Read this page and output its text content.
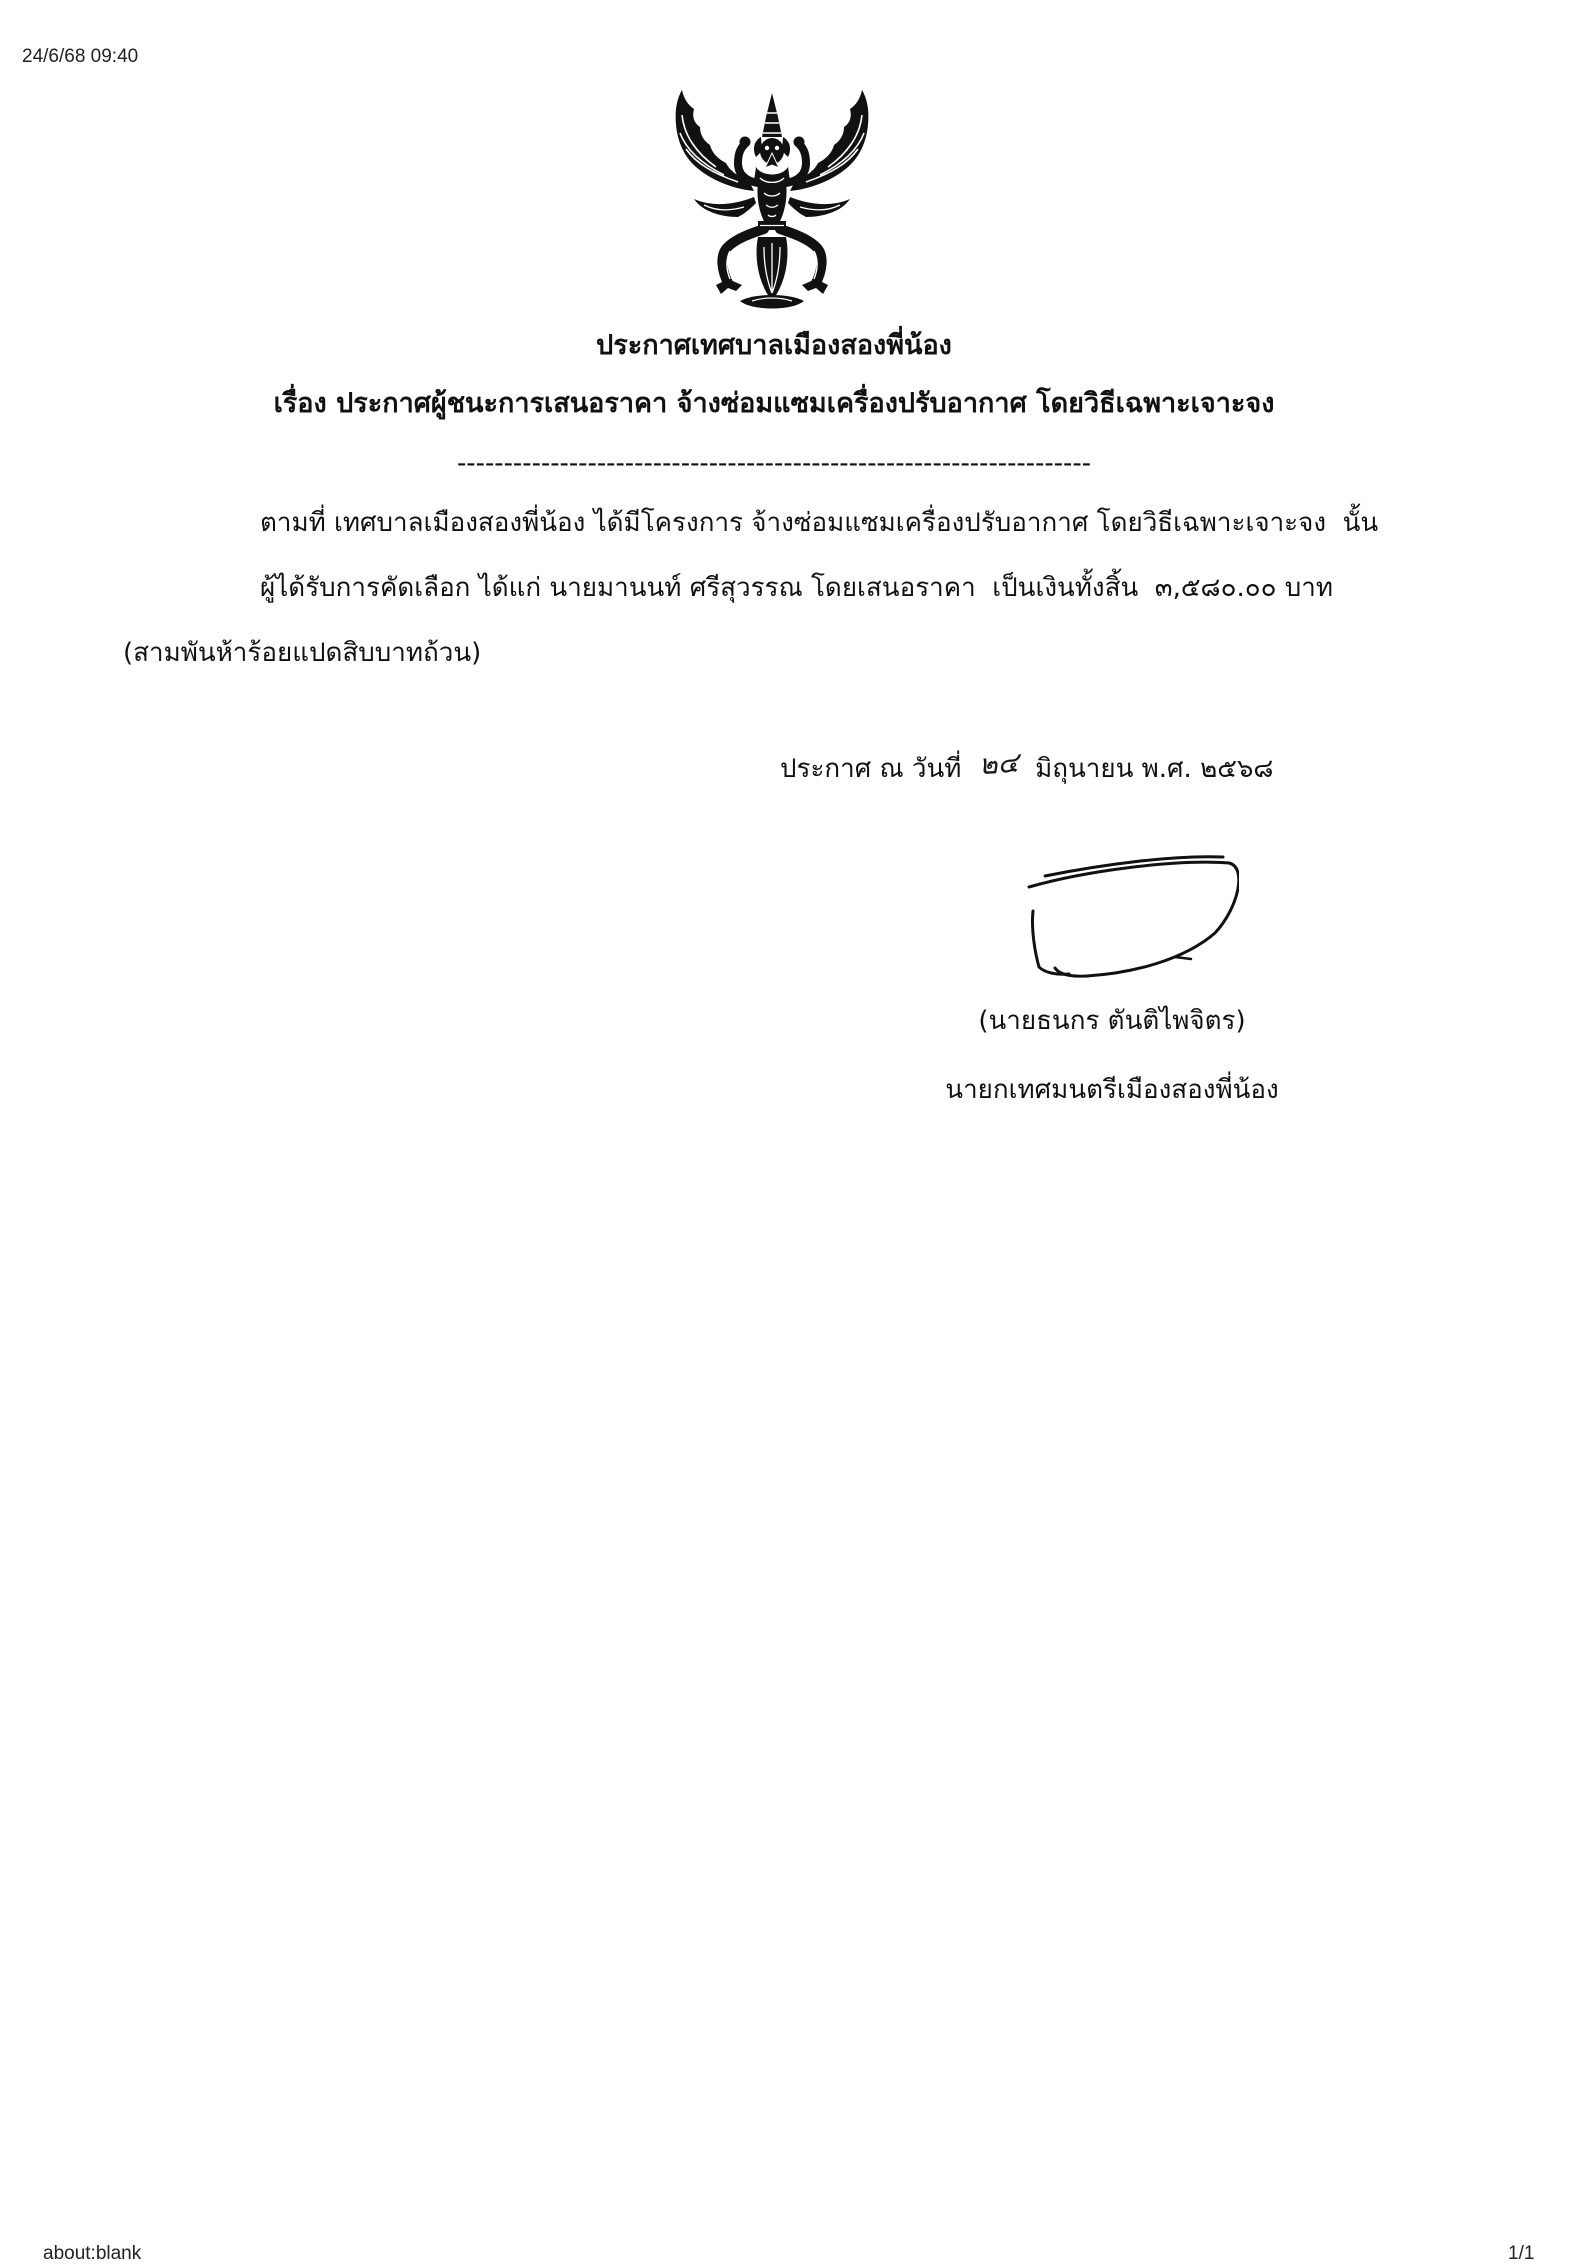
24/6/68 09:40
ประกาศเทศบาลเมืองสองพี่น้อง
เรื่อง ประกาศผู้ชนะการเสนอราคา จ้างซ่อมแซมเครื่องปรับอากาศ โดยวิธีเฉพาะเจาะจง
--------------------------------------------------------------------
ตามที่ เทศบาลเมืองสองพี่น้อง ได้มีโครงการ จ้างซ่อมแซมเครื่องปรับอากาศ โดยวิธีเฉพาะเจาะจง  นั้น
ผู้ได้รับการคัดเลือก ได้แก่ นายมานนท์ ศรีสุวรรณ โดยเสนอราคา  เป็นเงินทั้งสิ้น  ๓,๕๘๐.๐๐ บาท
(สามพันห้าร้อยแปดสิบบาทถ้วน)
ประกาศ ณ วันที่ ๒๔ มิถุนายน พ.ศ. ๒๕๖๘
(นายธนกร ตันติไพจิตร)
นายกเทศมนตรีเมืองสองพี่น้อง
about:blank	1/1
